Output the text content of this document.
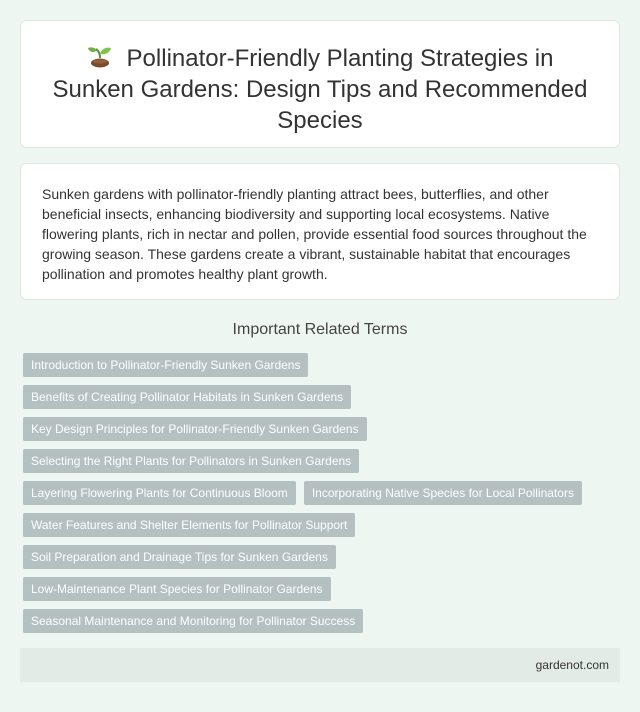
Pollinator-Friendly Planting Strategies in Sunken Gardens: Design Tips and Recommended Species

Sunken gardens with pollinator-friendly planting attract bees, butterflies, and other beneficial insects, enhancing biodiversity and supporting local ecosystems. Native flowering plants, rich in nectar and pollen, provide essential food sources throughout the growing season. These gardens create a vibrant, sustainable habitat that encourages pollination and promotes healthy plant growth.

Important Related Terms
Introduction to Pollinator-Friendly Sunken Gardens
Benefits of Creating Pollinator Habitats in Sunken Gardens
Key Design Principles for Pollinator-Friendly Sunken Gardens
Selecting the Right Plants for Pollinators in Sunken Gardens
Layering Flowering Plants for Continuous Bloom	Incorporating Native Species for Local Pollinators
Water Features and Shelter Elements for Pollinator Support
Soil Preparation and Drainage Tips for Sunken Gardens
Low-Maintenance Plant Species for Pollinator Gardens
Seasonal Maintenance and Monitoring for Pollinator Success
gardenot.com
